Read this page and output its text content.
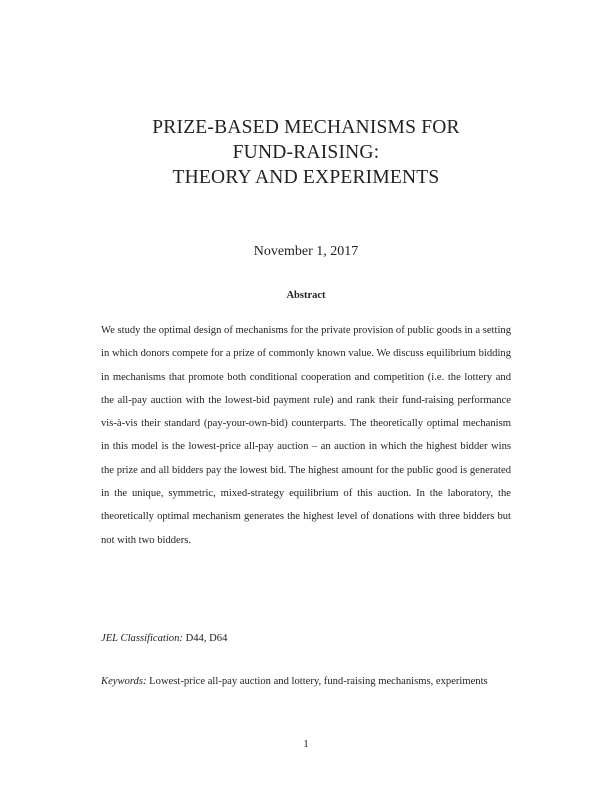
PRIZE-BASED MECHANISMS FOR
FUND-RAISING:
THEORY AND EXPERIMENTS
November 1, 2017
Abstract

We study the optimal design of mechanisms for the private provision of public goods in a setting in which donors compete for a prize of commonly known value. We discuss equilibrium bidding in mechanisms that promote both conditional cooperation and competition (i.e. the lottery and the all-pay auction with the lowest-bid payment rule) and rank their fund-raising performance vis-à-vis their standard (pay-your-own-bid) counterparts. The theoretically optimal mechanism in this model is the lowest-price all-pay auction – an auction in which the highest bidder wins the prize and all bidders pay the lowest bid. The highest amount for the public good is generated in the unique, symmetric, mixed-strategy equilibrium of this auction. In the laboratory, the theoretically optimal mechanism generates the highest level of donations with three bidders but not with two bidders.

JEL Classification: D44, D64

Keywords: Lowest-price all-pay auction and lottery, fund-raising mechanisms, experiments

1
